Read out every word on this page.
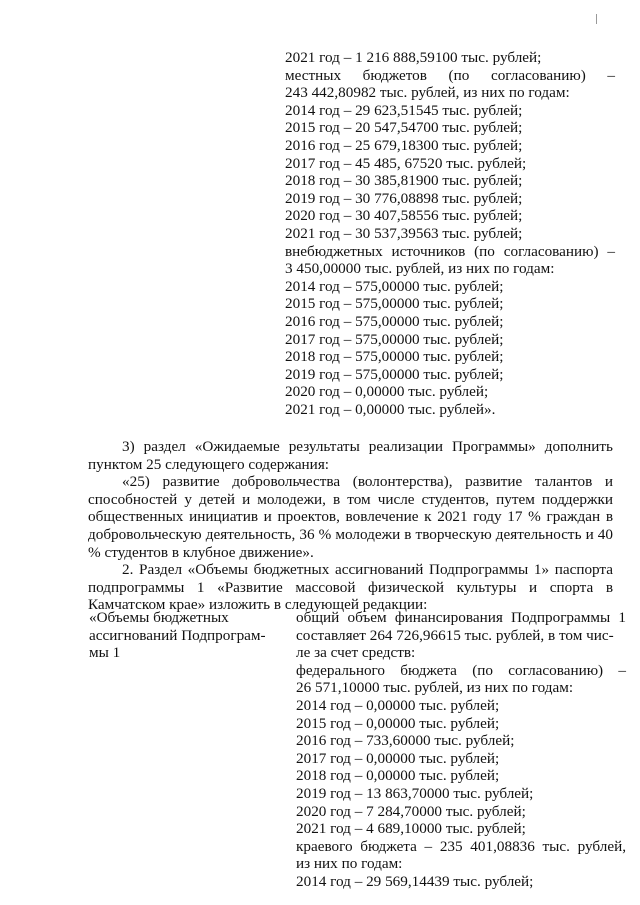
2021 год – 1 216 888,59100 тыс. рублей;
местных бюджетов (по согласованию) –
243 442,80982 тыс. рублей, из них по годам:
2014 год – 29 623,51545 тыс. рублей;
2015 год – 20 547,54700 тыс. рублей;
2016 год – 25 679,18300 тыс. рублей;
2017 год – 45 485, 67520 тыс. рублей;
2018 год – 30 385,81900 тыс. рублей;
2019 год – 30 776,08898 тыс. рублей;
2020 год – 30 407,58556 тыс. рублей;
2021 год – 30 537,39563 тыс. рублей;
внебюджетных источников (по согласованию) –
3 450,00000 тыс. рублей, из них по годам:
2014 год – 575,00000 тыс. рублей;
2015 год – 575,00000 тыс. рублей;
2016 год – 575,00000 тыс. рублей;
2017 год – 575,00000 тыс. рублей;
2018 год – 575,00000 тыс. рублей;
2019 год – 575,00000 тыс. рублей;
2020 год – 0,00000 тыс. рублей;
2021 год – 0,00000 тыс. рублей».

3) раздел «Ожидаемые результаты реализации Программы» дополнить пунктом 25 следующего содержания:

«25) развитие добровольчества (волонтерства), развитие талантов и способностей у детей и молодежи, в том числе студентов, путем поддержки общественных инициатив и проектов, вовлечение к 2021 году 17 % граждан в добровольческую деятельность, 36 % молодежи в творческую деятельность и 40 % студентов в клубное движение».

2. Раздел «Объемы бюджетных ассигнований Подпрограммы 1» паспорта подпрограммы 1 «Развитие массовой физической культуры и спорта в Камчатском крае» изложить в следующей редакции:

«Объемы бюджетных
ассигнований Подпрограм-
мы 1
общий объем финансирования Подпрограммы 1
составляет 264 726,96615 тыс. рублей, в том чис-
ле за счет средств:
федерального бюджета (по согласованию) –
26 571,10000 тыс. рублей, из них по годам:
2014 год – 0,00000 тыс. рублей;
2015 год – 0,00000 тыс. рублей;
2016 год – 733,60000 тыс. рублей;
2017 год – 0,00000 тыс. рублей;
2018 год – 0,00000 тыс. рублей;
2019 год – 13 863,70000 тыс. рублей;
2020 год – 7 284,70000 тыс. рублей;
2021 год – 4 689,10000 тыс. рублей;
краевого бюджета – 235 401,08836 тыс. рублей,
из них по годам:
2014 год – 29 569,14439 тыс. рублей;
